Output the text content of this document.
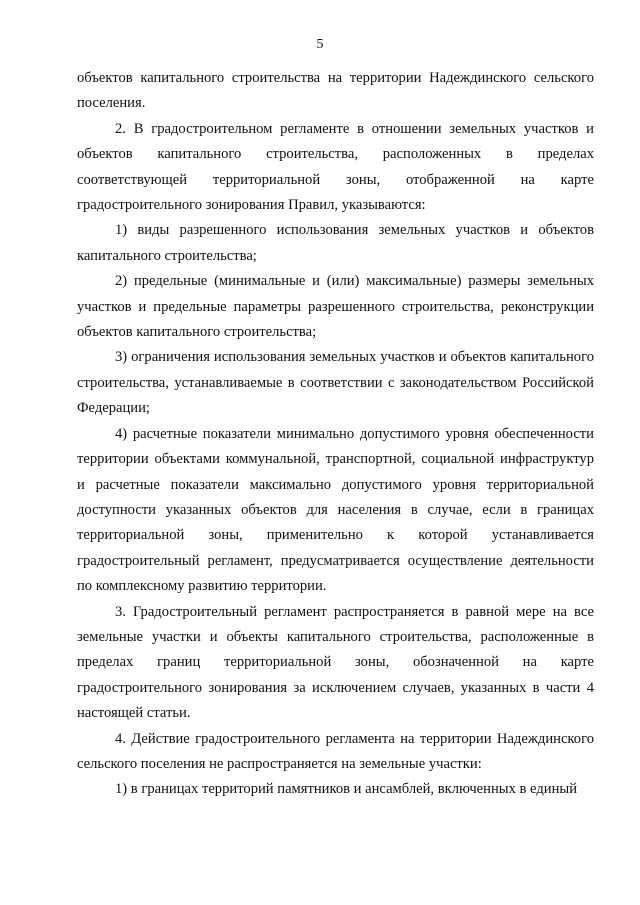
5

объектов капитального строительства на территории Надеждинского сельского поселения.

2. В градостроительном регламенте в отношении земельных участков и объектов капитального строительства, расположенных в пределах соответствующей территориальной зоны, отображенной на карте градостроительного зонирования Правил, указываются:

1) виды разрешенного использования земельных участков и объектов капитального строительства;

2) предельные (минимальные и (или) максимальные) размеры земельных участков и предельные параметры разрешенного строительства, реконструкции объектов капитального строительства;

3) ограничения использования земельных участков и объектов капитального строительства, устанавливаемые в соответствии с законодательством Российской Федерации;

4) расчетные показатели минимально допустимого уровня обеспеченности территории объектами коммунальной, транспортной, социальной инфраструктур и расчетные показатели максимально допустимого уровня территориальной доступности указанных объектов для населения в случае, если в границах территориальной зоны, применительно к которой устанавливается градостроительный регламент, предусматривается осуществление деятельности по комплексному развитию территории.

3. Градостроительный регламент распространяется в равной мере на все земельные участки и объекты капитального строительства, расположенные в пределах границ территориальной зоны, обозначенной на карте градостроительного зонирования за исключением случаев, указанных в части 4 настоящей статьи.

4. Действие градостроительного регламента на территории Надеждинского сельского поселения не распространяется на земельные участки:

1) в границах территорий памятников и ансамблей, включенных в единый
